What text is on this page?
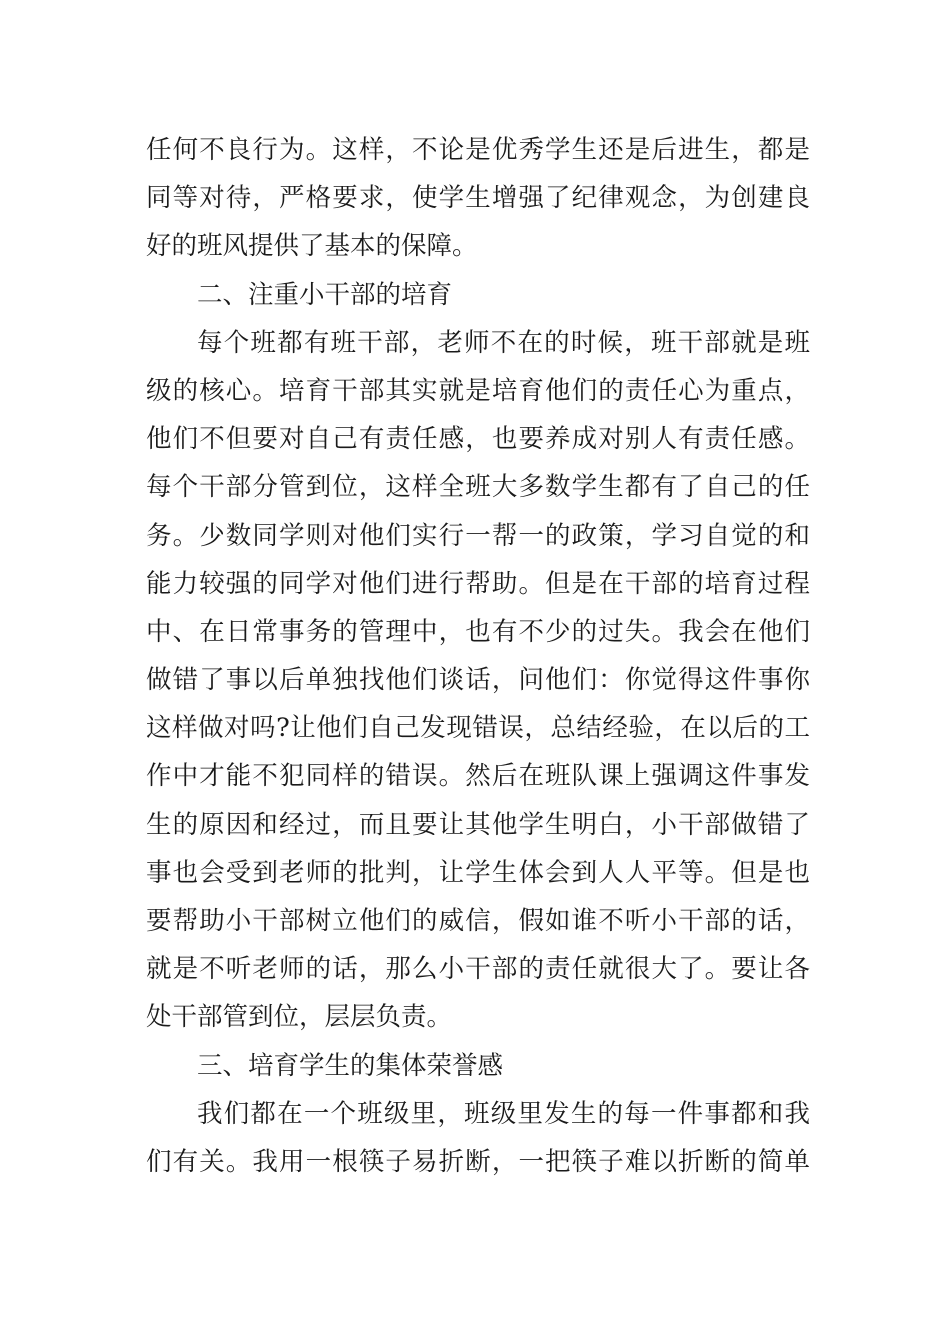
任何不良行为。这样，不论是优秀学生还是后进生，都是
同等对待，严格要求，使学生增强了纪律观念，为创建良
好的班风提供了基本的保障。
二、注重小干部的培育
每个班都有班干部，老师不在的时候，班干部就是班
级的核心。培育干部其实就是培育他们的责任心为重点，
他们不但要对自己有责任感，也要养成对别人有责任感。
每个干部分管到位，这样全班大多数学生都有了自己的任
务。少数同学则对他们实行一帮一的政策，学习自觉的和
能力较强的同学对他们进行帮助。但是在干部的培育过程
中、在日常事务的管理中，也有不少的过失。我会在他们
做错了事以后单独找他们谈话，问他们：你觉得这件事你
这样做对吗?让他们自己发现错误，总结经验，在以后的工
作中才能不犯同样的错误。然后在班队课上强调这件事发
生的原因和经过，而且要让其他学生明白，小干部做错了
事也会受到老师的批判，让学生体会到人人平等。但是也
要帮助小干部树立他们的威信，假如谁不听小干部的话，
就是不听老师的话，那么小干部的责任就很大了。要让各
处干部管到位，层层负责。
三、培育学生的集体荣誉感
我们都在一个班级里，班级里发生的每一件事都和我
们有关。我用一根筷子易折断，一把筷子难以折断的简单
